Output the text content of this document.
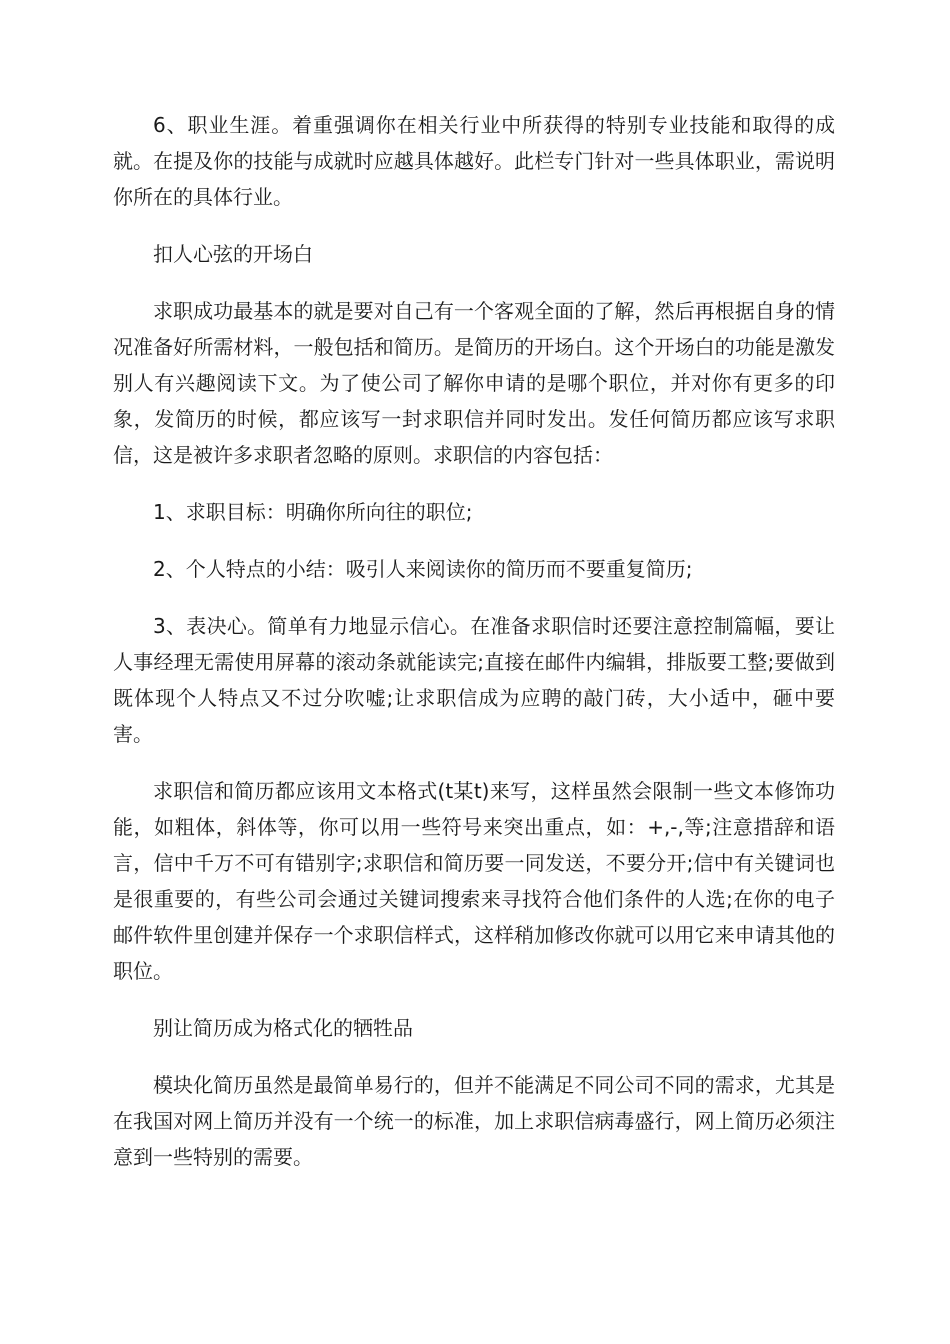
6、职业生涯。着重强调你在相关行业中所获得的特别专业技能和取得的成就。在提及你的技能与成就时应越具体越好。此栏专门针对一些具体职业，需说明你所在的具体行业。

扣人心弦的开场白

求职成功最基本的就是要对自己有一个客观全面的了解，然后再根据自身的情况准备好所需材料，一般包括和简历。是简历的开场白。这个开场白的功能是激发别人有兴趣阅读下文。为了使公司了解你申请的是哪个职位，并对你有更多的印象，发简历的时候，都应该写一封求职信并同时发出。发任何简历都应该写求职信，这是被许多求职者忽略的原则。求职信的内容包括：

1、求职目标：明确你所向往的职位;

2、个人特点的小结：吸引人来阅读你的简历而不要重复简历;

3、表决心。简单有力地显示信心。在准备求职信时还要注意控制篇幅，要让人事经理无需使用屏幕的滚动条就能读完;直接在邮件内编辑，排版要工整;要做到既体现个人特点又不过分吹嘘;让求职信成为应聘的敲门砖，大小适中，砸中要害。

求职信和简历都应该用文本格式(t某t)来写，这样虽然会限制一些文本修饰功能，如粗体，斜体等，你可以用一些符号来突出重点，如：+,-,等;注意措辞和语言，信中千万不可有错别字;求职信和简历要一同发送，不要分开;信中有关键词也是很重要的，有些公司会通过关键词搜索来寻找符合他们条件的人选;在你的电子邮件软件里创建并保存一个求职信样式，这样稍加修改你就可以用它来申请其他的职位。

别让简历成为格式化的牺牲品

模块化简历虽然是最简单易行的，但并不能满足不同公司不同的需求，尤其是在我国对网上简历并没有一个统一的标准，加上求职信病毒盛行，网上简历必须注意到一些特别的需要。
